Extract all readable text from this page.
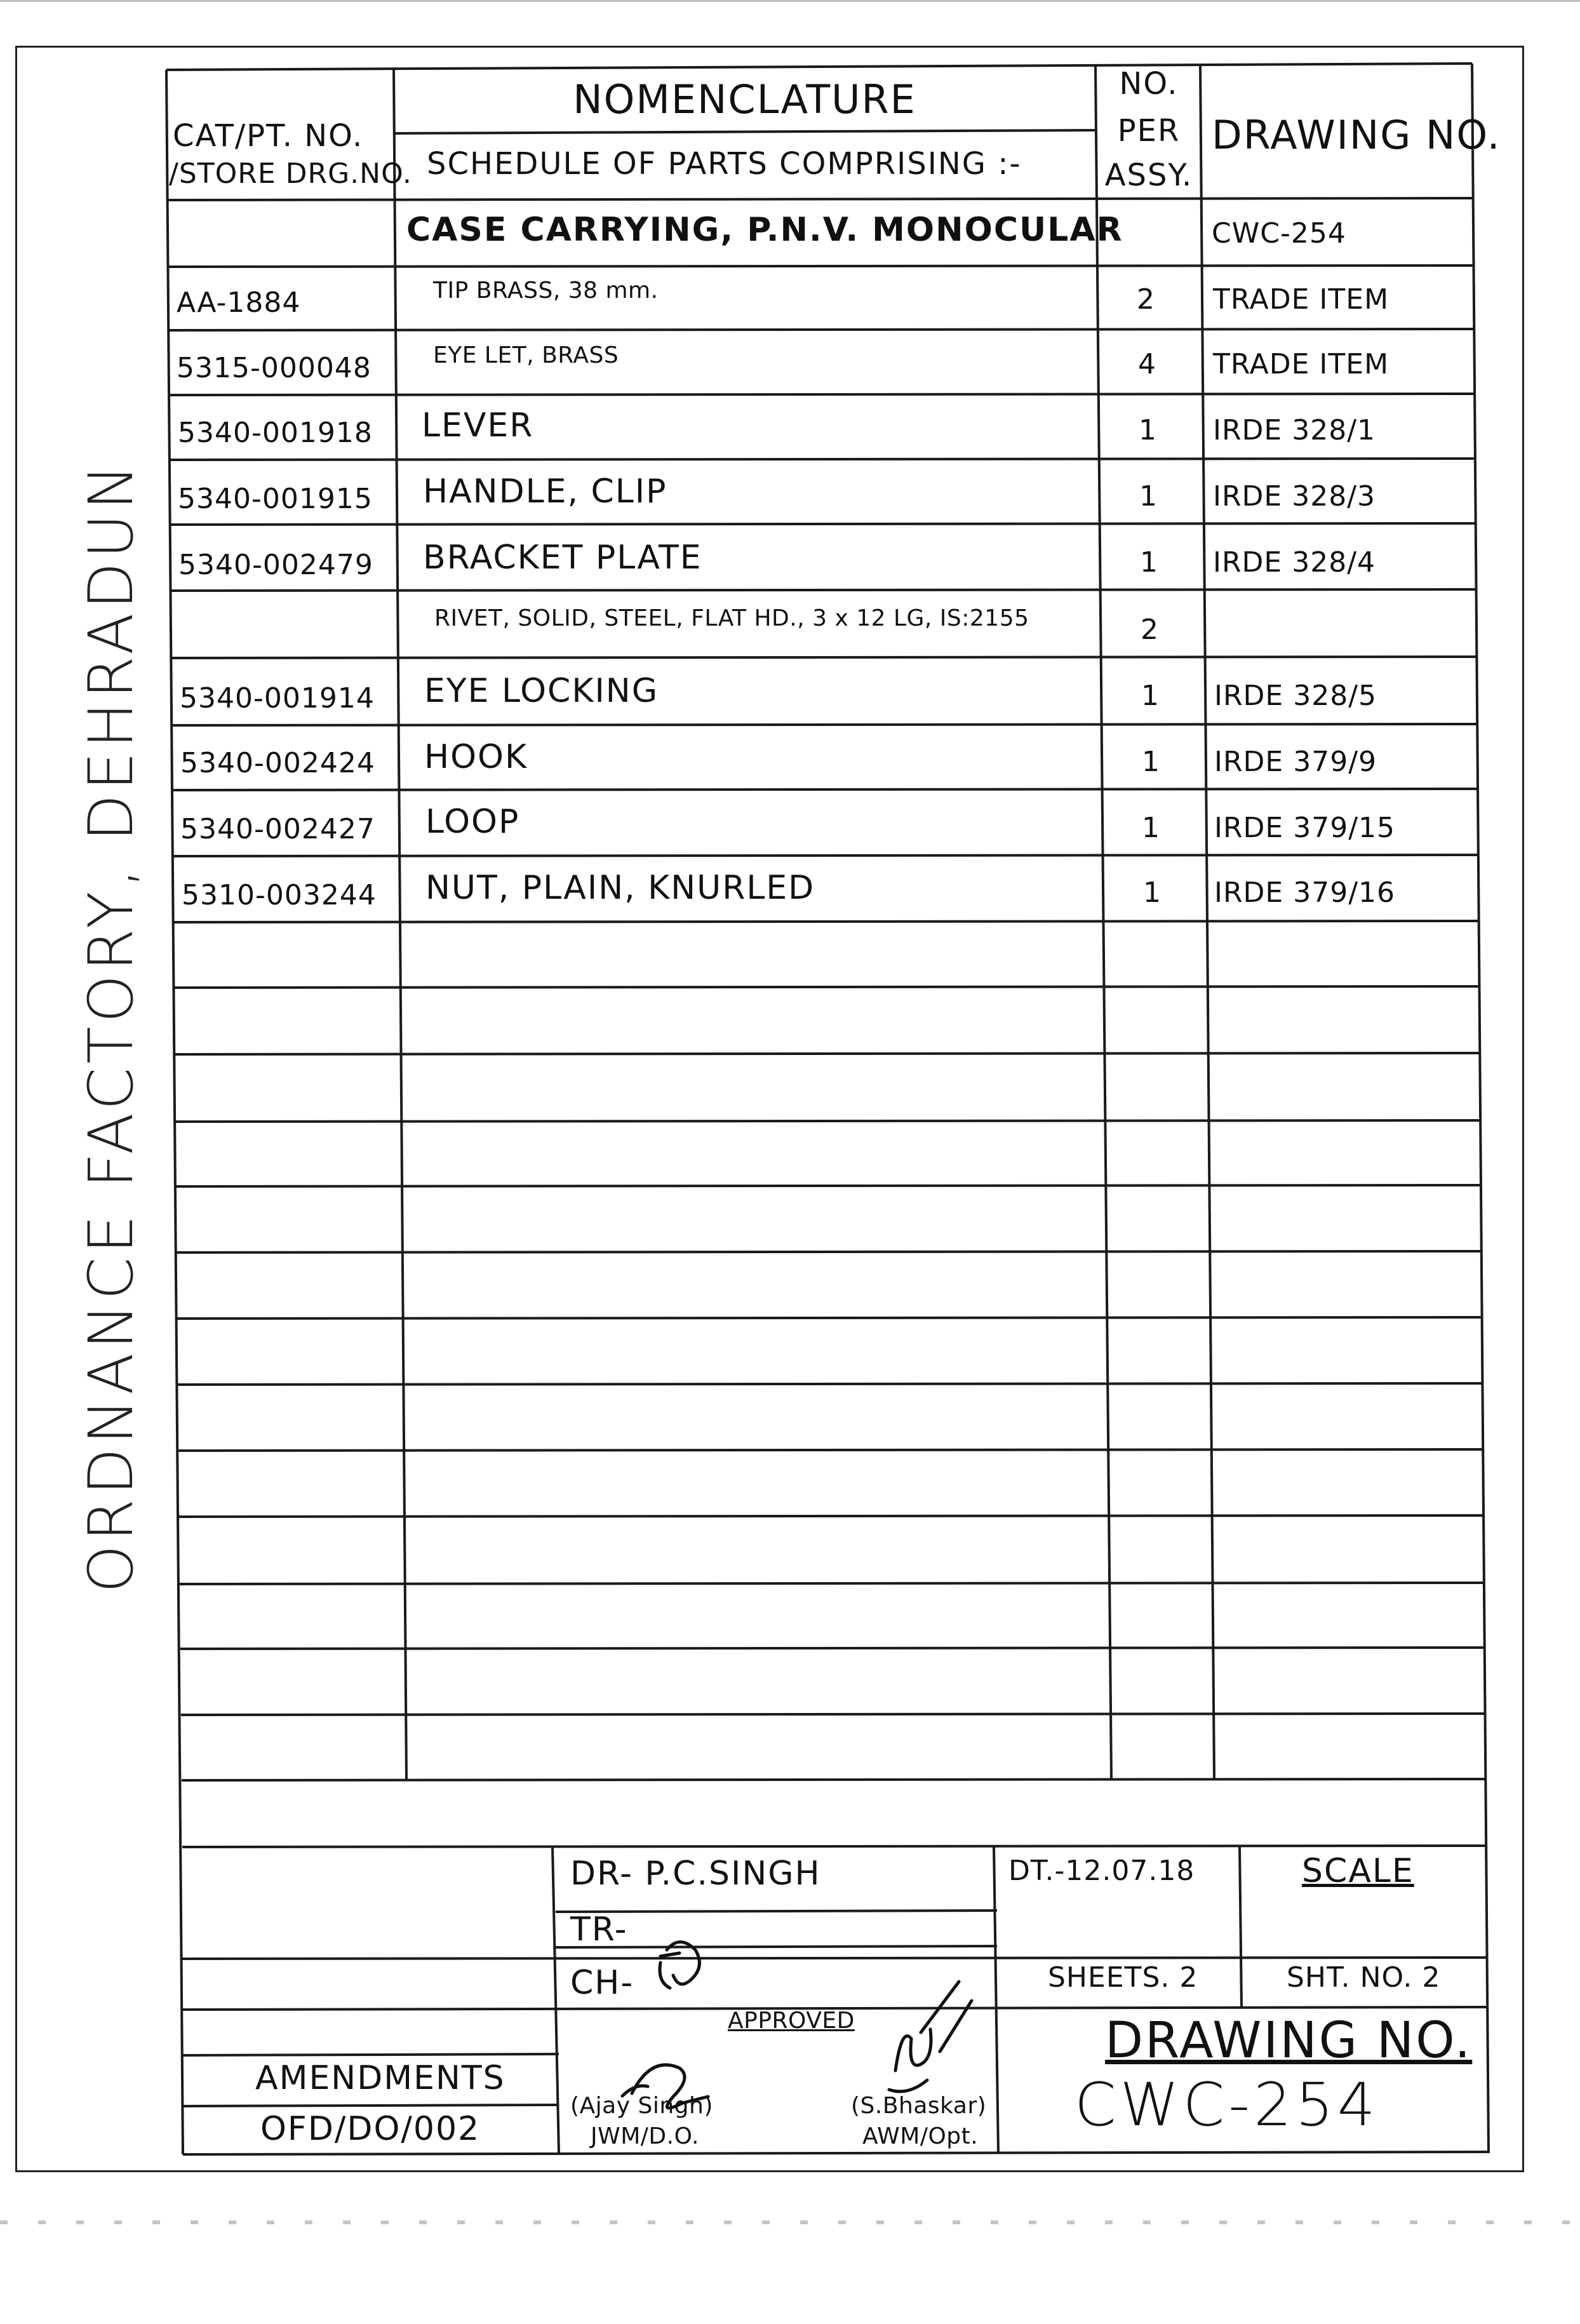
ORDNANCE FACTORY, DEHRADUN
CAT/PT. NO.
/STORE DRG.NO.
NOMENCLATURE
SCHEDULE OF PARTS COMPRISING :-
NO.
PER
ASSY.
DRAWING NO.
CASE CARRYING, P.N.V. MONOCULAR	CWC-254
AA-1884	TIP BRASS, 38 mm.	2 TRADE ITEM
5315-000048	EYE LET, BRASS	4 TRADE ITEM
5340-001918 LEVER	1 IRDE 328/1
5340-001915 HANDLE, CLIP	1 IRDE 328/3
5340-002479 BRACKET PLATE	1 IRDE 328/4
RIVET, SOLID, STEEL, FLAT HD., 3 x 12 LG, IS:2155	2
5340-001914 EYE LOCKING	1 IRDE 328/5
5340-002424 HOOK	1 IRDE 379/9
5340-002427 LOOP	1 IRDE 379/15
5310-003244 NUT, PLAIN, KNURLED	1 IRDE 379/16
DR- P.C.SINGH
TR-
CH-
DT.-12.07.18	SCALE
SHEETS. 2	SHT. NO. 2
APPROVED
(Ajay Singh)
JWM/D.O.
(S.Bhaskar)
AWM/Opt.
AMENDMENTS
OFD/DO/002
DRAWING NO.
CWC-254
